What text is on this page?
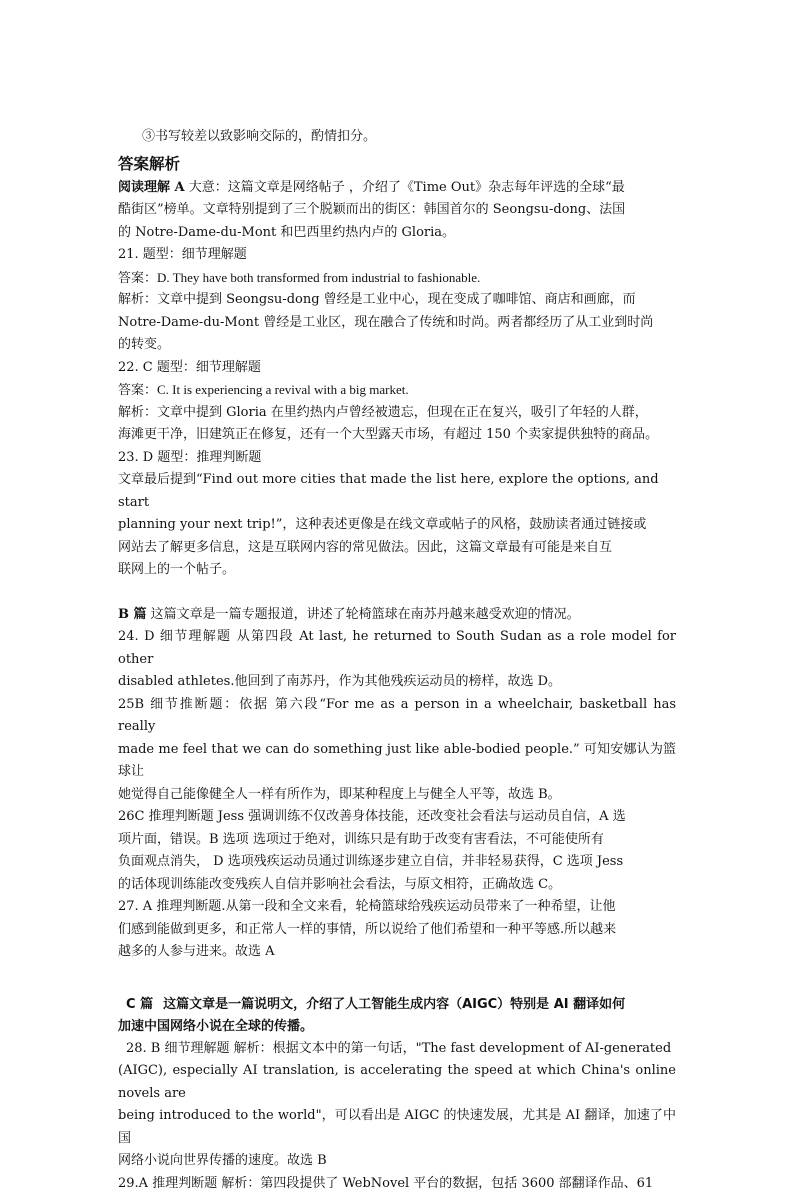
③书写较差以致影响交际的，酌情扣分。

答案解析

阅读理解 A 大意：这篇文章是网络帖子 ，介绍了《Time Out》杂志每年评选的全球“最

酷街区”榜单。文章特别提到了三个脱颖而出的街区：韩国首尔的 Seongsu-dong、法国

的 Notre-Dame-du-Mont 和巴西里约热内卢的 Gloria。

21. 题型：细节理解题

答案：D. They have both transformed from industrial to fashionable.

解析：文章中提到 Seongsu-dong 曾经是工业中心，现在变成了咖啡馆、商店和画廊，而

Notre-Dame-du-Mont 曾经是工业区，现在融合了传统和时尚。两者都经历了从工业到时尚

的转变。

22. C 题型：细节理解题

答案：C. It is experiencing a revival with a big market.

解析：文章中提到 Gloria 在里约热内卢曾经被遗忘，但现在正在复兴，吸引了年轻的人群，

海滩更干净，旧建筑正在修复，还有一个大型露天市场，有超过 150 个卖家提供独特的商品。

23. D 题型：推理判断题

文章最后提到“Find out more cities that made the list here, explore the options, and start

planning your next trip!”，这种表述更像是在线文章或帖子的风格，鼓励读者通过链接或

网站去了解更多信息，这是互联网内容的常见做法。因此，这篇文章最有可能是来自互

联网上的一个帖子。

B 篇 这篇文章是一篇专题报道，讲述了轮椅篮球在南苏丹越来越受欢迎的情况。

24. D 细节理解题 从第四段 At last, he returned to South Sudan as a role model for other

disabled athletes.他回到了南苏丹，作为其他残疾运动员的榜样，故选 D。

25B 细节推断题：依据 第六段“For me as a person in a wheelchair, basketball has really

made me feel that we can do something just like able-bodied people.” 可知安娜认为篮球让

她觉得自己能像健全人一样有所作为，即某种程度上与健全人平等，故选 B。

26C 推理判断题 Jess 强调训练不仅改善身体技能，还改变社会看法与运动员自信，A 选

项片面，错误。B 选项 选项过于绝对，训练只是有助于改变有害看法，不可能使所有

负面观点消失， D 选项残疾运动员通过训练逐步建立自信，并非轻易获得，C 选项 Jess

的话体现训练能改变残疾人自信并影响社会看法，与原文相符，正确故选 C。

27. A 推理判断题.从第一段和全文来看，轮椅篮球给残疾运动员带来了一种希望，让他

们感到能做到更多，和正常人一样的事情，所以说给了他们希望和一种平等感.所以越来

越多的人参与进来。故选 A

C 篇 这篇文章是一篇说明文，介绍了人工智能生成内容（AIGC）特别是 AI 翻译如何

加速中国网络小说在全球的传播。

28. B 细节理解题 解析：根据文本中的第一句话，"The fast development of AI-generated

(AIGC), especially AI translation, is accelerating the speed at which China's online novels are

being introduced to the world"，可以看出是 AIGC 的快速发展，尤其是 AI 翻译，加速了中国

网络小说向世界传播的速度。故选 B

29.A 推理判断题 解析：第四段提供了 WebNovel 平台的数据，包括 3600 部翻译作品、61
